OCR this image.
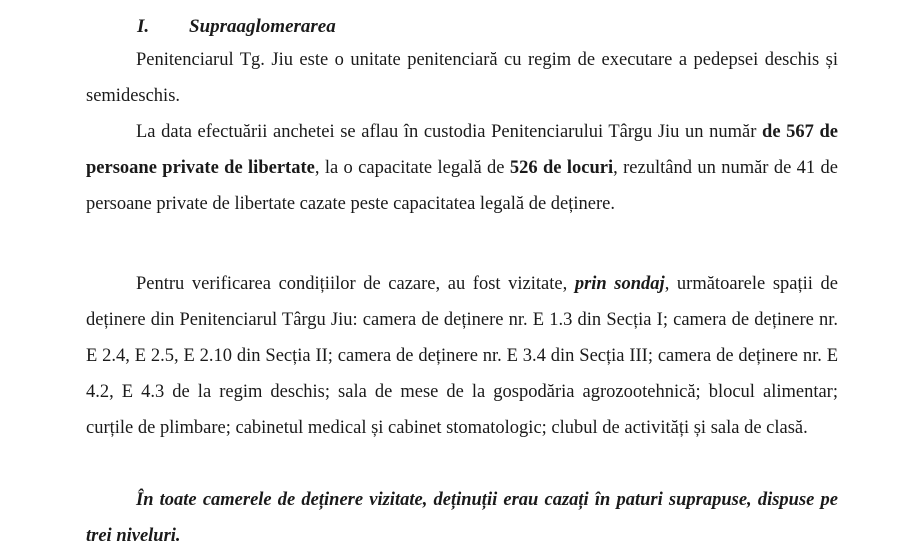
I. Supraaglomerarea

Penitenciarul Tg. Jiu este o unitate penitenciară cu regim de executare a pedepsei deschis și semideschis.

La data efectuării anchetei se aflau în custodia Penitenciarului Târgu Jiu un număr de 567 de persoane private de libertate, la o capacitate legală de 526 de locuri, rezultând un număr de 41 de persoane private de libertate cazate peste capacitatea legală de deținere.

Pentru verificarea condițiilor de cazare, au fost vizitate, prin sondaj, următoarele spații de deținere din Penitenciarul Târgu Jiu: camera de deținere nr. E 1.3 din Secția I; camera de deținere nr. E 2.4, E 2.5, E 2.10 din Secția II; camera de deținere nr. E 3.4 din Secția III; camera de deținere nr. E 4.2, E 4.3 de la regim deschis; sala de mese de la gospodăria agrozootehnică; blocul alimentar; curțile de plimbare; cabinetul medical și cabinet stomatologic; clubul de activități și sala de clasă.

În toate camerele de deținere vizitate, deținuții erau cazați în paturi suprapuse, dispuse pe trei niveluri.
